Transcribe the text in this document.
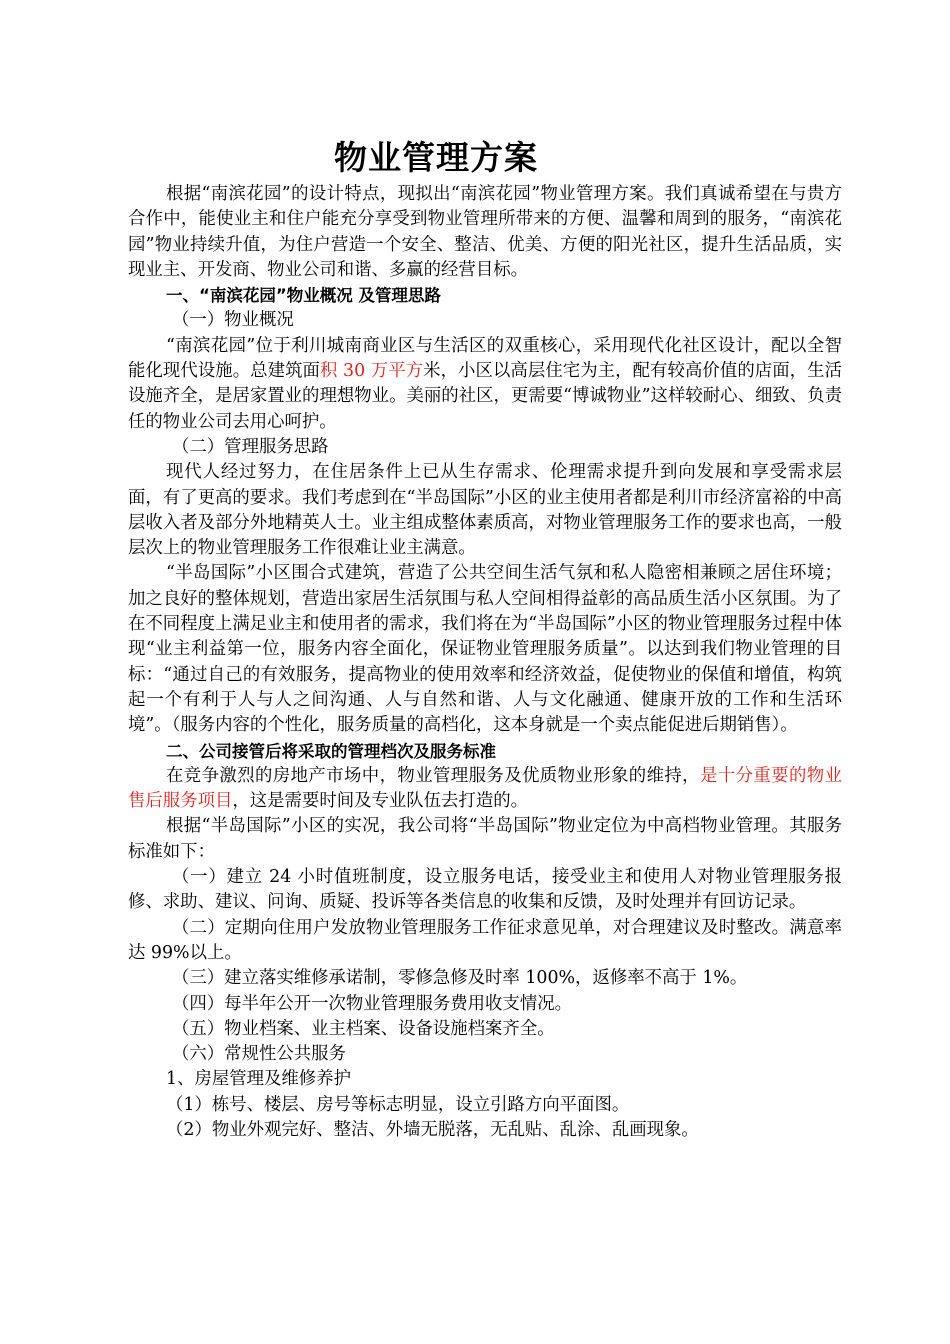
物业管理方案

根据“南滨花园”的设计特点，现拟出“南滨花园”物业管理方案。我们真诚希望在与贵方合作中，能使业主和住户能充分享受到物业管理所带来的方便、温馨和周到的服务，“南滨花园”物业持续升值，为住户营造一个安全、整洁、优美、方便的阳光社区，提升生活品质，实现业主、开发商、物业公司和谐、多赢的经营目标。

一、“南滨花园”物业概况 及管理思路

（一）物业概况

“南滨花园”位于利川城南商业区与生活区的双重核心，采用现代化社区设计，配以全智能化现代设施。总建筑面积 30 万平方米，小区以高层住宅为主，配有较高价值的店面，生活设施齐全，是居家置业的理想物业。美丽的社区，更需要“博诚物业”这样较耐心、细致、负责任的物业公司去用心呵护。

（二）管理服务思路

现代人经过努力，在住居条件上已从生存需求、伦理需求提升到向发展和享受需求层面，有了更高的要求。我们考虑到在“半岛国际”小区的业主使用者都是利川市经济富裕的中高层收入者及部分外地精英人士。业主组成整体素质高，对物业管理服务工作的要求也高，一般层次上的物业管理服务工作很难让业主满意。

“半岛国际”小区围合式建筑，营造了公共空间生活气氛和私人隐密相兼顾之居住环境；加之良好的整体规划，营造出家居生活氛围与私人空间相得益彰的高品质生活小区氛围。为了在不同程度上满足业主和使用者的需求，我们将在为“半岛国际”小区的物业管理服务过程中体现“业主利益第一位，服务内容全面化，保证物业管理服务质量”。以达到我们物业管理的目标：“通过自己的有效服务，提高物业的使用效率和经济效益，促使物业的保值和增值，构筑起一个有利于人与人之间沟通、人与自然和谐、人与文化融通、健康开放的工作和生活环境”。（服务内容的个性化，服务质量的高档化，这本身就是一个卖点能促进后期销售）。

二、公司接管后将采取的管理档次及服务标准

在竞争激烈的房地产市场中，物业管理服务及优质物业形象的维持，是十分重要的物业售后服务项目，这是需要时间及专业队伍去打造的。

根据“半岛国际”小区的实况，我公司将“半岛国际”物业定位为中高档物业管理。其服务标准如下：

（一）建立 24 小时值班制度，设立服务电话，接受业主和使用人对物业管理服务报修、求助、建议、问询、质疑、投诉等各类信息的收集和反馈，及时处理并有回访记录。

（二）定期向住用户发放物业管理服务工作征求意见单，对合理建议及时整改。满意率达 99%以上。

（三）建立落实维修承诺制，零修急修及时率 100%，返修率不高于 1%。

（四）每半年公开一次物业管理服务费用收支情况。

（五）物业档案、业主档案、设备设施档案齐全。

（六）常规性公共服务

1、房屋管理及维修养护

（1）栋号、楼层、房号等标志明显，设立引路方向平面图。

（2）物业外观完好、整洁、外墙无脱落，无乱贴、乱涂、乱画现象。
